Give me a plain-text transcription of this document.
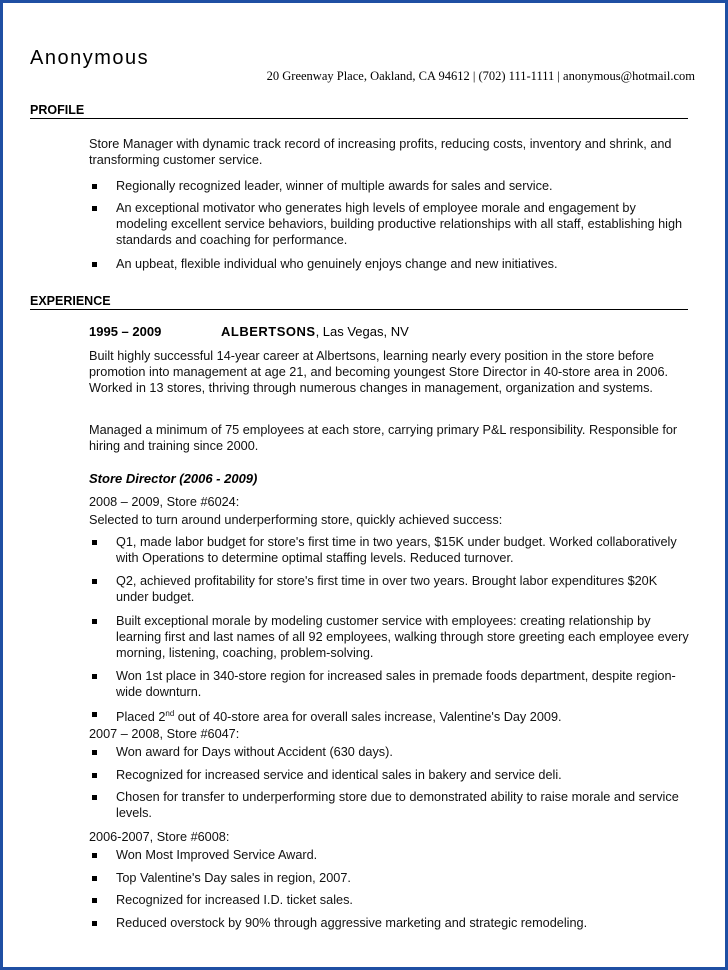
Anonymous
20 Greenway Place, Oakland, CA 94612 | (702) 111-1111 | anonymous@hotmail.com
PROFILE
Store Manager with dynamic track record of increasing profits, reducing costs, inventory and shrink, and transforming customer service.
Regionally recognized leader, winner of multiple awards for sales and service.
An exceptional motivator who generates high levels of employee morale and engagement by modeling excellent service behaviors, building productive relationships with all staff, establishing high standards and coaching for performance.
An upbeat, flexible individual who genuinely enjoys change and new initiatives.
EXPERIENCE
1995 – 2009	ALBERTSONS, Las Vegas, NV
Built highly successful 14-year career at Albertsons, learning nearly every position in the store before promotion into management at age 21, and becoming youngest Store Director in 40-store area in 2006. Worked in 13 stores, thriving through numerous changes in management, organization and systems.
Managed a minimum of 75 employees at each store, carrying primary P&L responsibility. Responsible for hiring and training since 2000.
Store Director (2006 - 2009)
2008 – 2009, Store #6024:
Selected to turn around underperforming store, quickly achieved success:
Q1, made labor budget for store's first time in two years, $15K under budget. Worked collaboratively with Operations to determine optimal staffing levels. Reduced turnover.
Q2, achieved profitability for store's first time in over two years. Brought labor expenditures $20K under budget.
Built exceptional morale by modeling customer service with employees: creating relationship by learning first and last names of all 92 employees, walking through store greeting each employee every morning, listening, coaching, problem-solving.
Won 1st place in 340-store region for increased sales in premade foods department, despite region-wide downturn.
Placed 2nd out of 40-store area for overall sales increase, Valentine's Day 2009.
2007 – 2008, Store #6047:
Won award for Days without Accident (630 days).
Recognized for increased service and identical sales in bakery and service deli.
Chosen for transfer to underperforming store due to demonstrated ability to raise morale and service levels.
2006-2007, Store #6008:
Won Most Improved Service Award.
Top Valentine's Day sales in region, 2007.
Recognized for increased I.D. ticket sales.
Reduced overstock by 90% through aggressive marketing and strategic remodeling.
